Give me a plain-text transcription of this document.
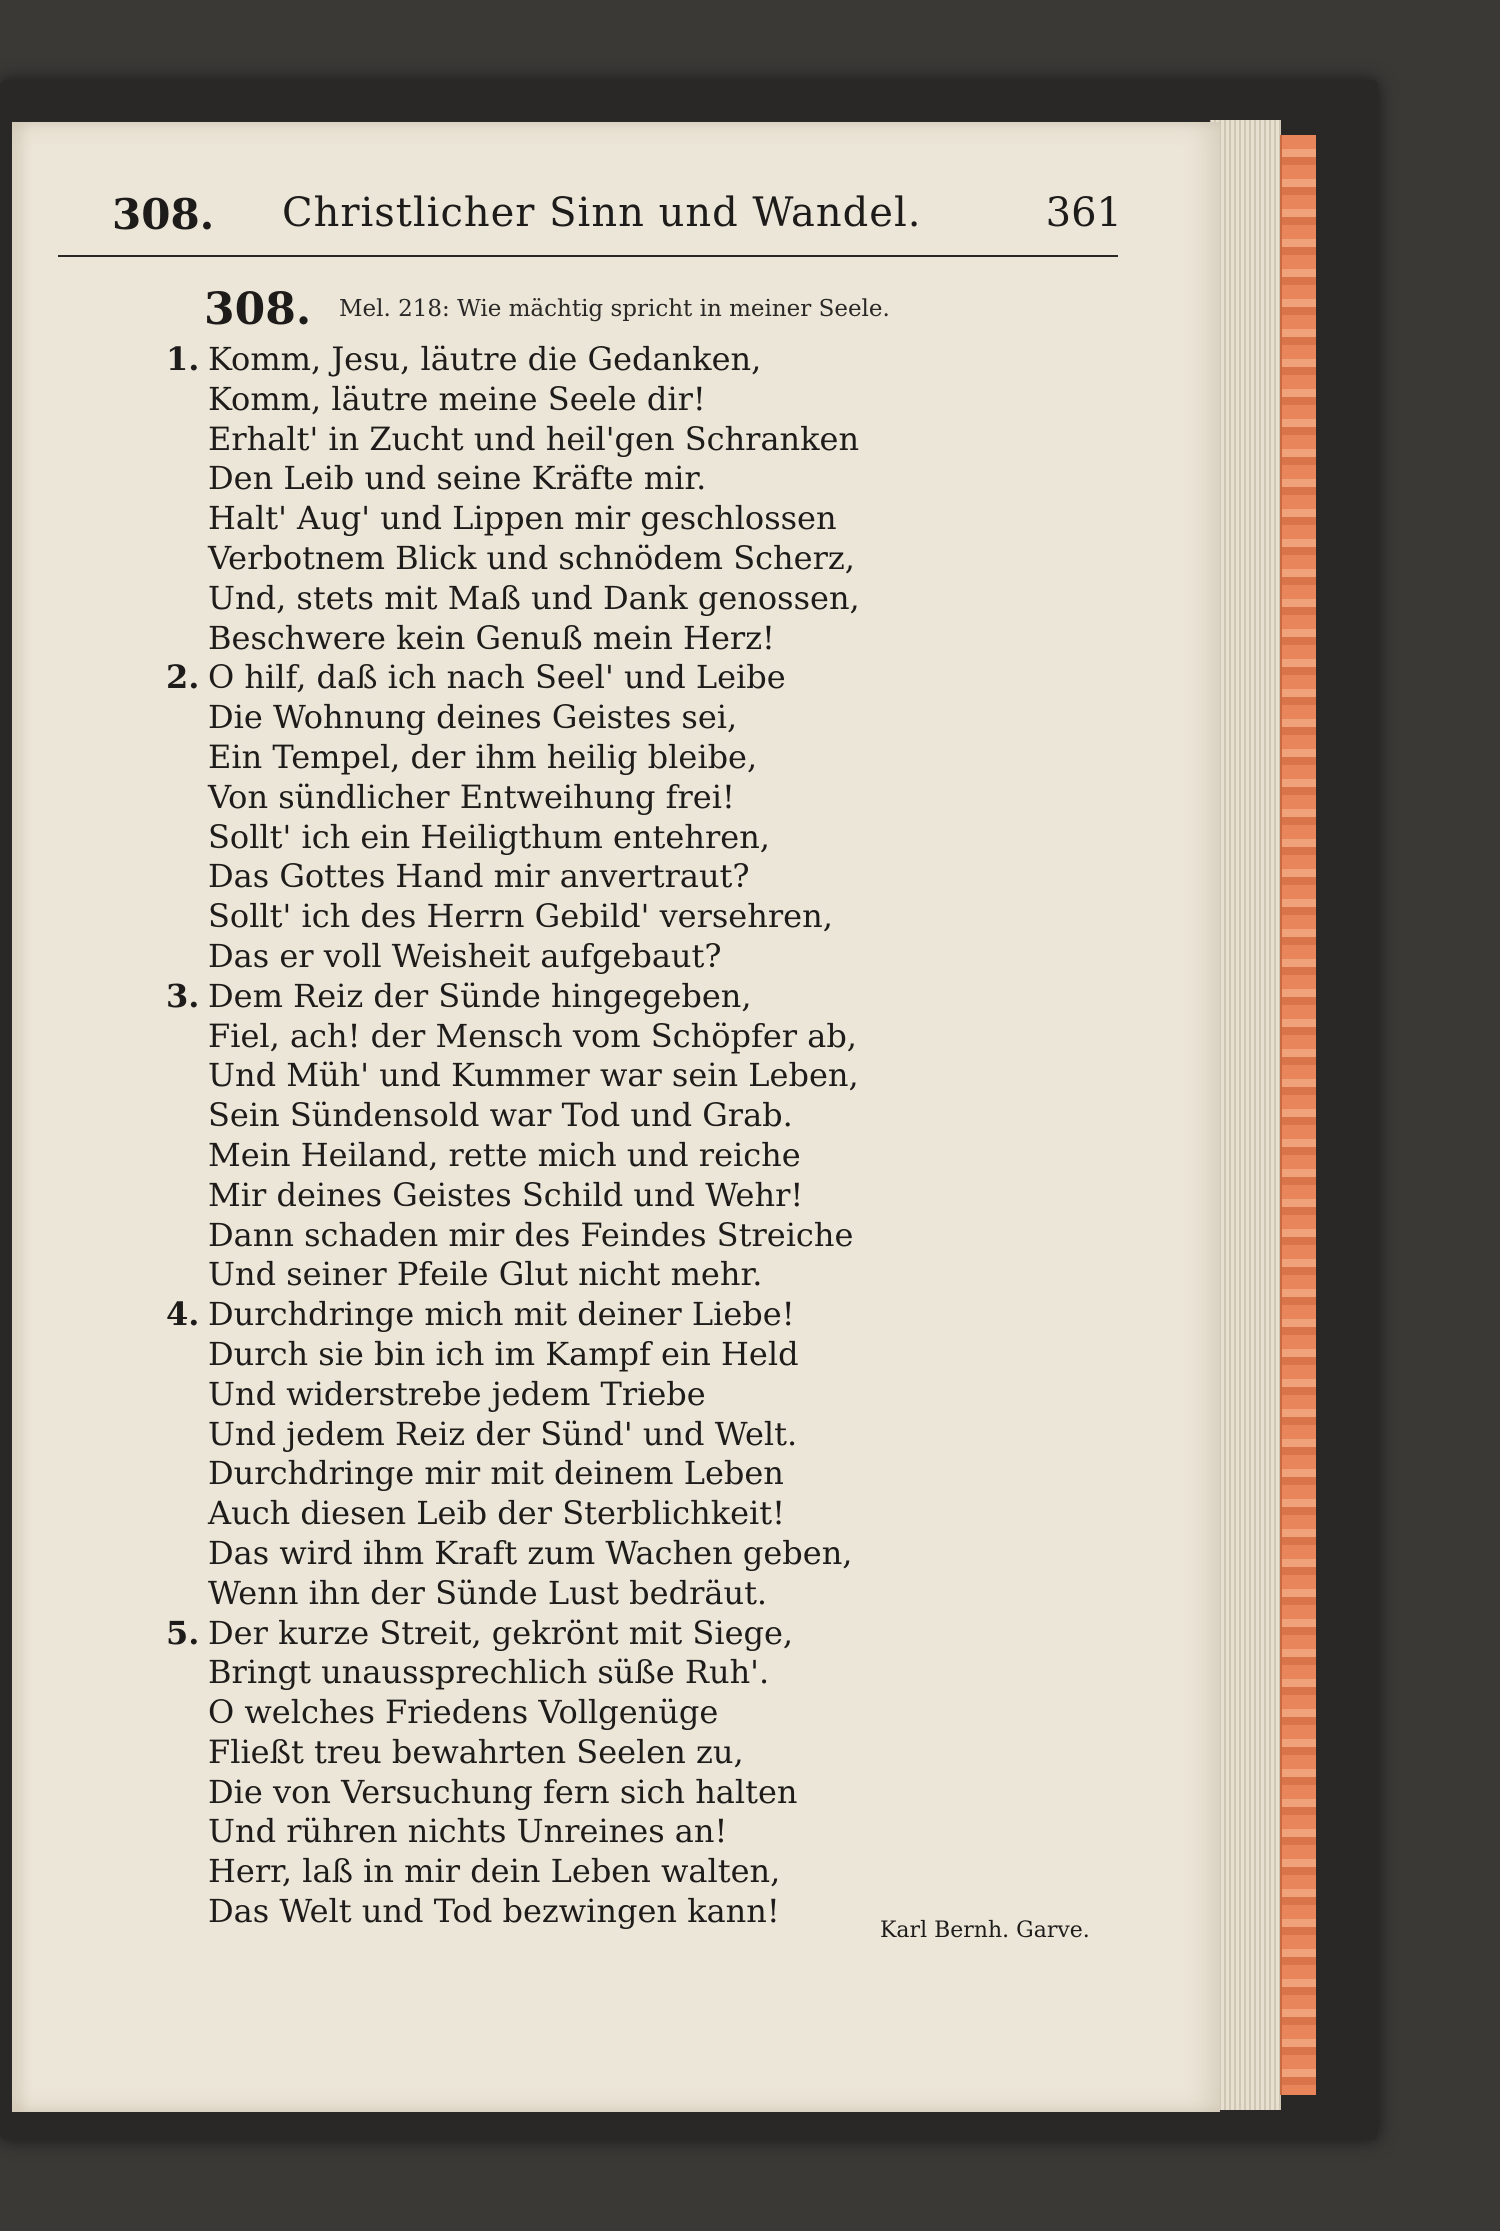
308. Christlicher Sinn und Wandel.	361
308. Mel. 218: Wie mächtig spricht in meiner Seele.
1. Komm, Jesu, läutre die Gedanken,
Komm, läutre meine Seele dir!
Erhalt' in Zucht und heil'gen Schranken
Den Leib und seine Kräfte mir.
Halt' Aug' und Lippen mir geschlossen
Verbotnem Blick und schnödem Scherz,
Und, stets mit Maß und Dank genossen,
Beschwere kein Genuß mein Herz!
2. O hilf, daß ich nach Seel' und Leibe
Die Wohnung deines Geistes sei,
Ein Tempel, der ihm heilig bleibe,
Von sündlicher Entweihung frei!
Sollt' ich ein Heiligthum entehren,
Das Gottes Hand mir anvertraut?
Sollt' ich des Herrn Gebild' versehren,
Das er voll Weisheit aufgebaut?
3. Dem Reiz der Sünde hingegeben,
Fiel, ach! der Mensch vom Schöpfer ab,
Und Müh' und Kummer war sein Leben,
Sein Sündensold war Tod und Grab.
Mein Heiland, rette mich und reiche
Mir deines Geistes Schild und Wehr!
Dann schaden mir des Feindes Streiche
Und seiner Pfeile Glut nicht mehr.
4. Durchdringe mich mit deiner Liebe!
Durch sie bin ich im Kampf ein Held
Und widerstrebe jedem Triebe
Und jedem Reiz der Sünd' und Welt.
Durchdringe mir mit deinem Leben
Auch diesen Leib der Sterblichkeit!
Das wird ihm Kraft zum Wachen geben,
Wenn ihn der Sünde Lust bedräut.
5. Der kurze Streit, gekrönt mit Siege,
Bringt unaussprechlich süße Ruh'.
O welches Friedens Vollgenüge
Fließt treu bewahrten Seelen zu,
Die von Versuchung fern sich halten
Und rühren nichts Unreines an!
Herr, laß in mir dein Leben walten,
Das Welt und Tod bezwingen kann!
Karl Bernh. Garve.
